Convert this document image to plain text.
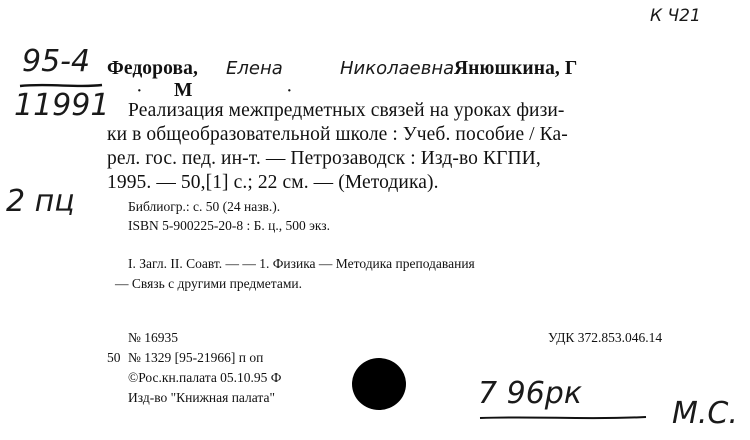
К Ч21
95-4
11991
2 пц
Федорова, Елена	Николаевна Янюшкина, Г
М
·	·
Реализация межпредметных связей на уроках физи-
ки в общеобразовательной школе : Учеб. пособие / Ка-
рел. гос. пед. ин-т. — Петрозаводск : Изд-во КГПИ,
1995. — 50,[1] с.; 22 см. — (Методика).
Библиогр.: с. 50 (24 назв.).
ISBN 5-900225-20-8 : Б. ц., 500 экз.
I. Загл. II. Соавт. — — 1. Физика — Методика преподавания
— Связь с другими предметами.
№ 16935	УДК 372.853.046.14
50 № 1329 [95-21966] п оп
©Рос.кн.палата 05.10.95 Ф
Изд-во "Книжная палата"	7 96рк
М.С.
